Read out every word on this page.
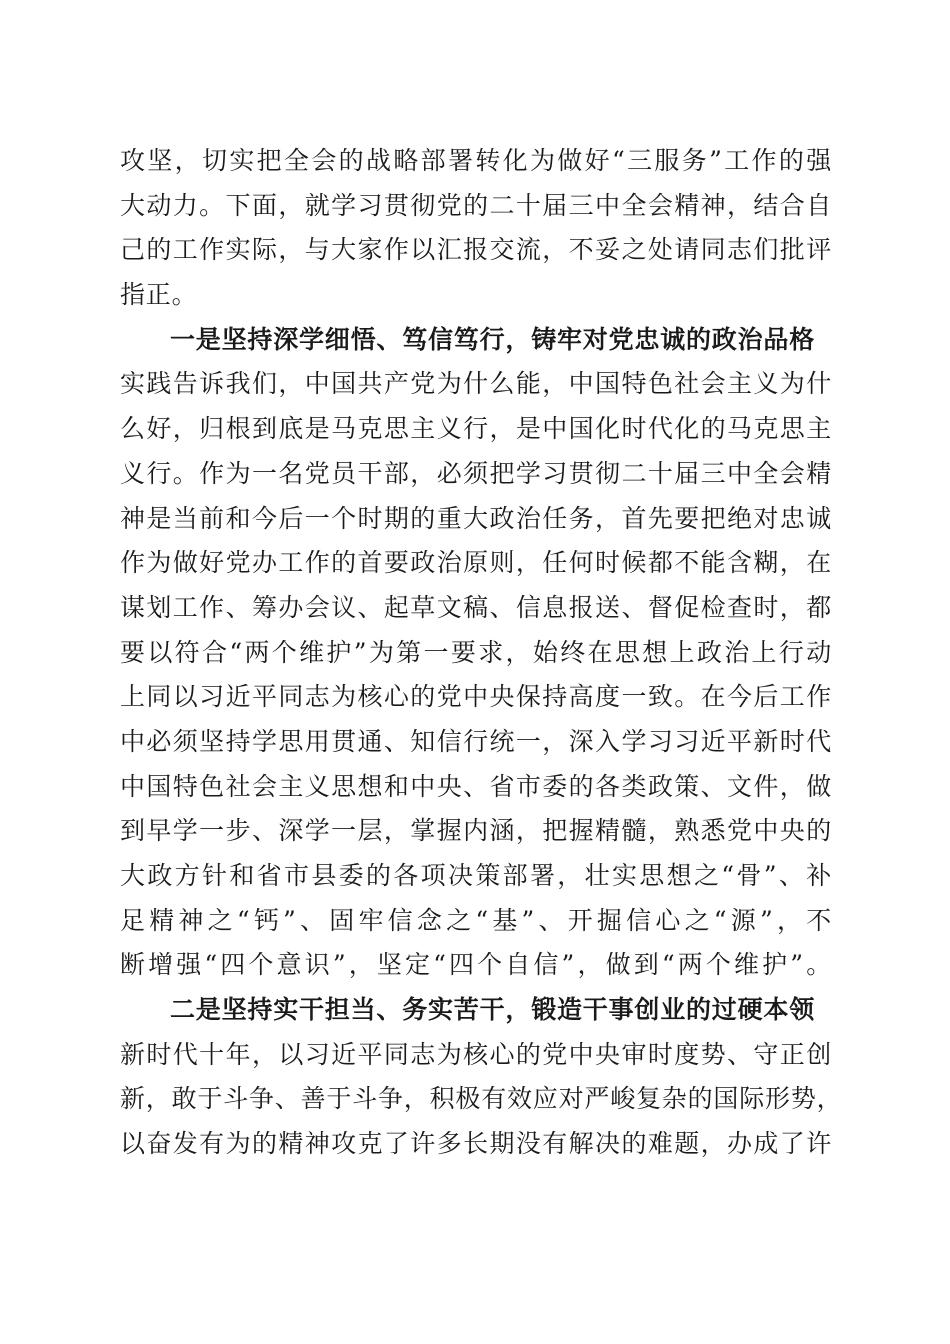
攻坚，切实把全会的战略部署转化为做好“三服务”工作的强
大动力。下面，就学习贯彻党的二十届三中全会精神，结合自
己的工作实际，与大家作以汇报交流，不妥之处请同志们批评
指正。
一是坚持深学细悟、笃信笃行，铸牢对党忠诚的政治品格
实践告诉我们，中国共产党为什么能，中国特色社会主义为什
么好，归根到底是马克思主义行，是中国化时代化的马克思主
义行。作为一名党员干部，必须把学习贯彻二十届三中全会精
神是当前和今后一个时期的重大政治任务，首先要把绝对忠诚
作为做好党办工作的首要政治原则，任何时候都不能含糊，在
谋划工作、筹办会议、起草文稿、信息报送、督促检查时，都
要以符合“两个维护”为第一要求，始终在思想上政治上行动
上同以习近平同志为核心的党中央保持高度一致。在今后工作
中必须坚持学思用贯通、知信行统一，深入学习习近平新时代
中国特色社会主义思想和中央、省市委的各类政策、文件，做
到早学一步、深学一层，掌握内涵，把握精髓，熟悉党中央的
大政方针和省市县委的各项决策部署，壮实思想之“骨”、补
足精神之“钙”、固牢信念之“基”、开掘信心之“源”，不
断增强“四个意识”，坚定“四个自信”，做到“两个维护”。
二是坚持实干担当、务实苦干，锻造干事创业的过硬本领
新时代十年，以习近平同志为核心的党中央审时度势、守正创
新，敢于斗争、善于斗争，积极有效应对严峻复杂的国际形势，
以奋发有为的精神攻克了许多长期没有解决的难题，办成了许
